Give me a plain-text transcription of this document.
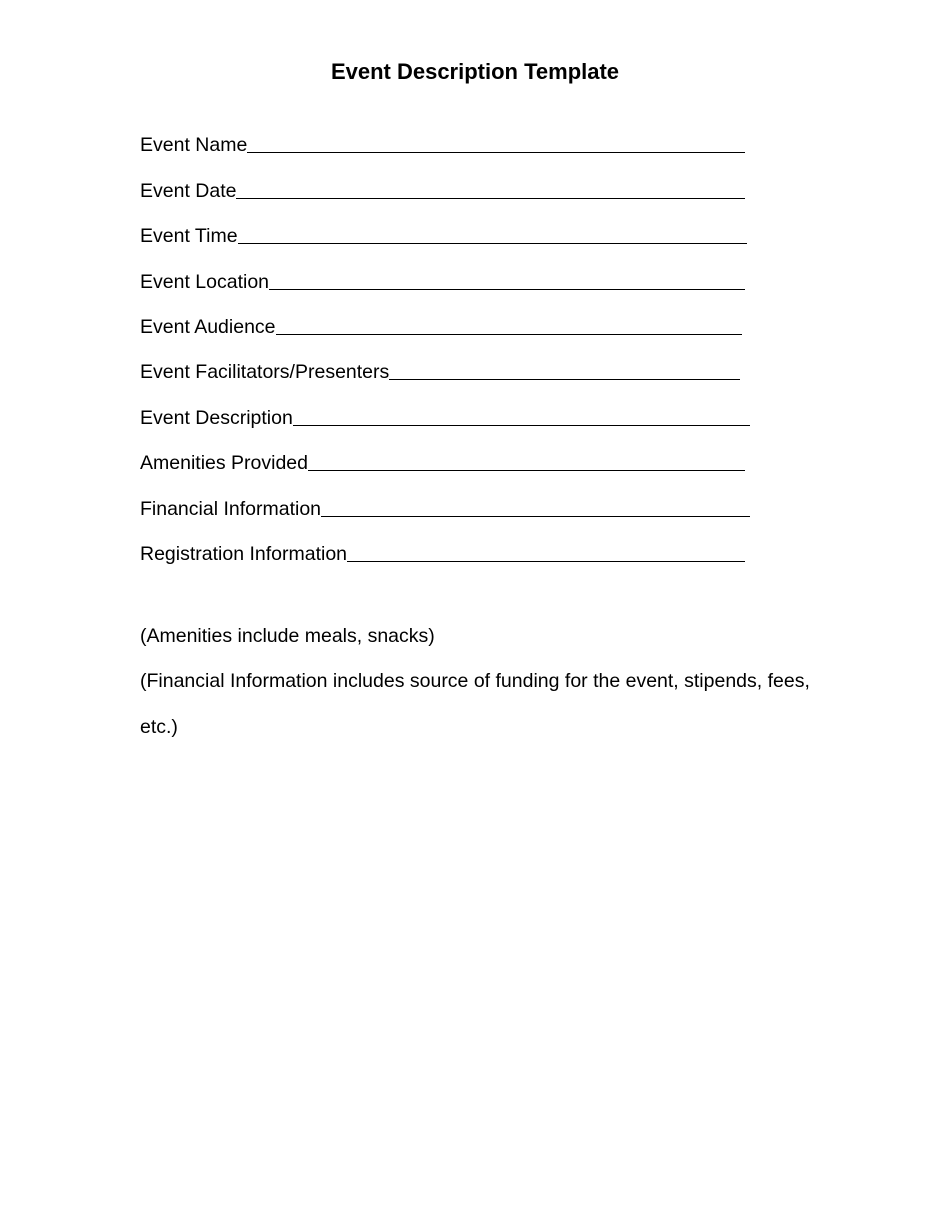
Event Description Template
Event Name
Event Date
Event Time
Event Location
Event Audience
Event Facilitators/Presenters
Event Description
Amenities Provided
Financial Information
Registration Information
(Amenities include meals, snacks)
(Financial Information includes source of funding for the event, stipends, fees, etc.)
